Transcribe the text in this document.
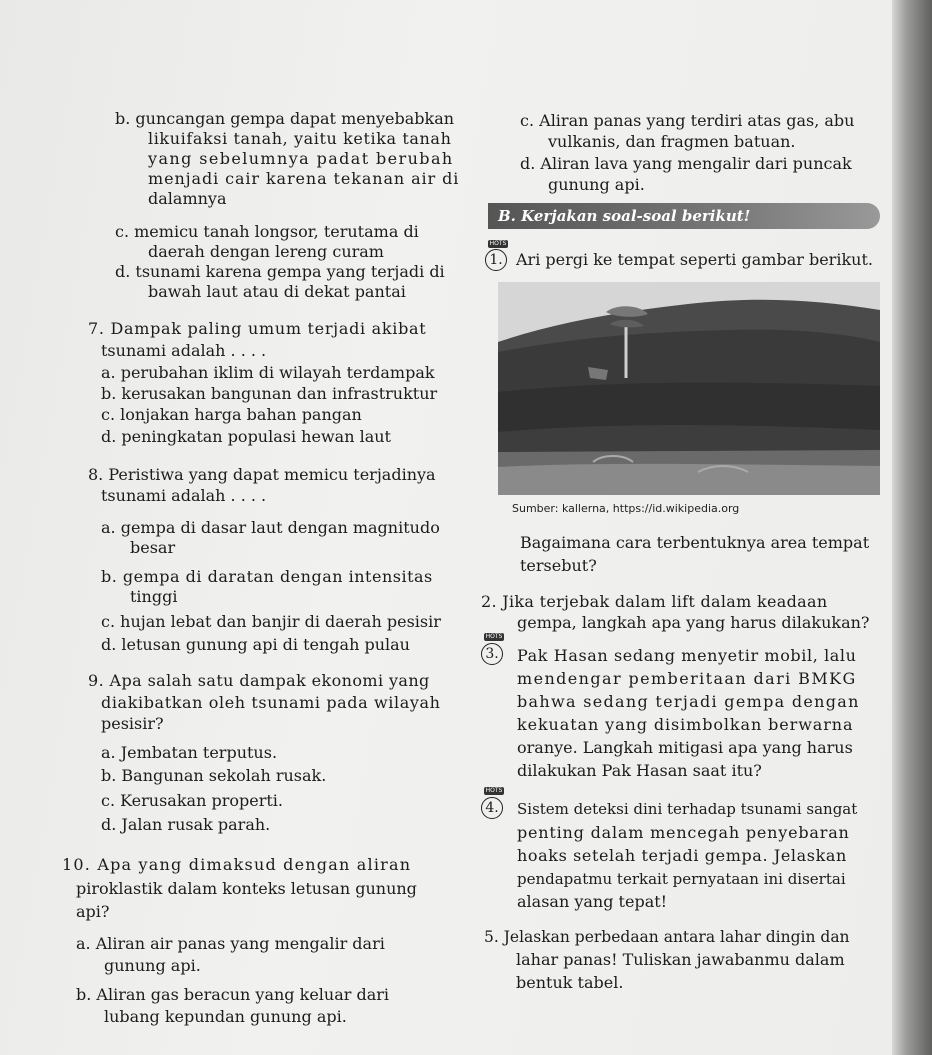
b. guncangan gempa dapat menyebabkan
likuifaksi tanah, yaitu ketika tanah
yang sebelumnya padat berubah
menjadi cair karena tekanan air di
dalamnya
c. memicu tanah longsor, terutama di
daerah dengan lereng curam
d. tsunami karena gempa yang terjadi di
bawah laut atau di dekat pantai
7. Dampak paling umum terjadi akibat
tsunami adalah . . . .
a. perubahan iklim di wilayah terdampak
b. kerusakan bangunan dan infrastruktur
c. lonjakan harga bahan pangan
d. peningkatan populasi hewan laut
8. Peristiwa yang dapat memicu terjadinya
tsunami adalah . . . .
a. gempa di dasar laut dengan magnitudo
besar
b. gempa di daratan dengan intensitas
tinggi
c. hujan lebat dan banjir di daerah pesisir
d. letusan gunung api di tengah pulau
9. Apa salah satu dampak ekonomi yang
diakibatkan oleh tsunami pada wilayah
pesisir?
a. Jembatan terputus.
b. Bangunan sekolah rusak.
c. Kerusakan properti.
d. Jalan rusak parah.
10. Apa yang dimaksud dengan aliran
piroklastik dalam konteks letusan gunung
api?
a. Aliran air panas yang mengalir dari
gunung api.
b. Aliran gas beracun yang keluar dari
lubang kepundan gunung api.
c. Aliran panas yang terdiri atas gas, abu
vulkanis, dan fragmen batuan.
d. Aliran lava yang mengalir dari puncak
gunung api.
B. Kerjakan soal-soal berikut!
HOTS
1. Ari pergi ke tempat seperti gambar berikut.
Sumber: kallerna, https://id.wikipedia.org
Bagaimana cara terbentuknya area tempat
tersebut?
2. Jika terjebak dalam lift dalam keadaan
gempa, langkah apa yang harus dilakukan?
HOTS
3. Pak Hasan sedang menyetir mobil, lalu
mendengar pemberitaan dari BMKG
bahwa sedang terjadi gempa dengan
kekuatan yang disimbolkan berwarna
oranye. Langkah mitigasi apa yang harus
dilakukan Pak Hasan saat itu?
HOTS
4. Sistem deteksi dini terhadap tsunami sangat
penting dalam mencegah penyebaran
hoaks setelah terjadi gempa. Jelaskan
pendapatmu terkait pernyataan ini disertai
alasan yang tepat!
5. Jelaskan perbedaan antara lahar dingin dan
lahar panas! Tuliskan jawabanmu dalam
bentuk tabel.
